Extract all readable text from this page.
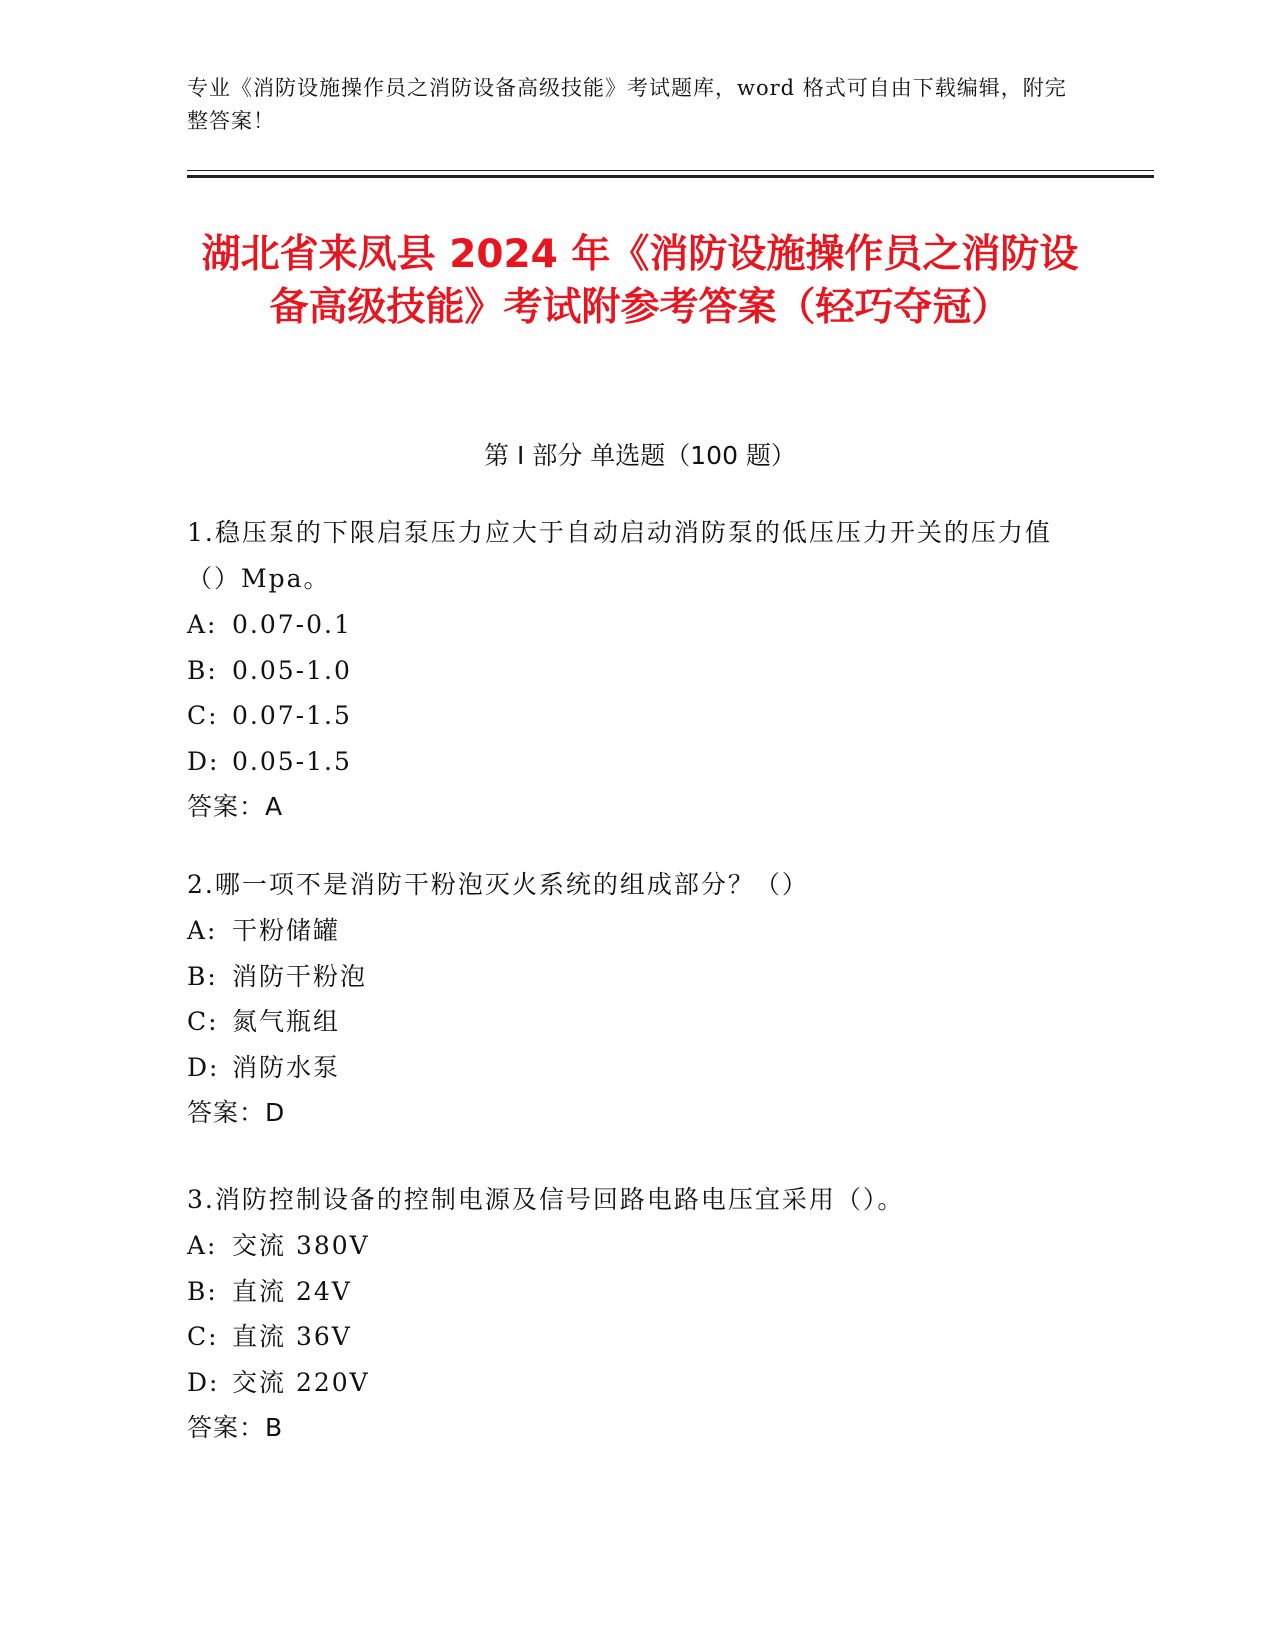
专业《消防设施操作员之消防设备高级技能》考试题库，word 格式可自由下载编辑，附完整答案！
湖北省来凤县 2024 年《消防设施操作员之消防设备高级技能》考试附参考答案（轻巧夺冠）
第 I 部分 单选题（100 题）
1.稳压泵的下限启泵压力应大于自动启动消防泵的低压压力开关的压力值（）Mpa。
A: 0.07-0.1
B: 0.05-1.0
C: 0.07-1.5
D: 0.05-1.5
答案：A
2.哪一项不是消防干粉泡灭火系统的组成部分？（）
A: 干粉储罐
B: 消防干粉泡
C: 氮气瓶组
D: 消防水泵
答案：D
3.消防控制设备的控制电源及信号回路电路电压宜采用（）。
A: 交流 380V
B: 直流 24V
C: 直流 36V
D: 交流 220V
答案：B
